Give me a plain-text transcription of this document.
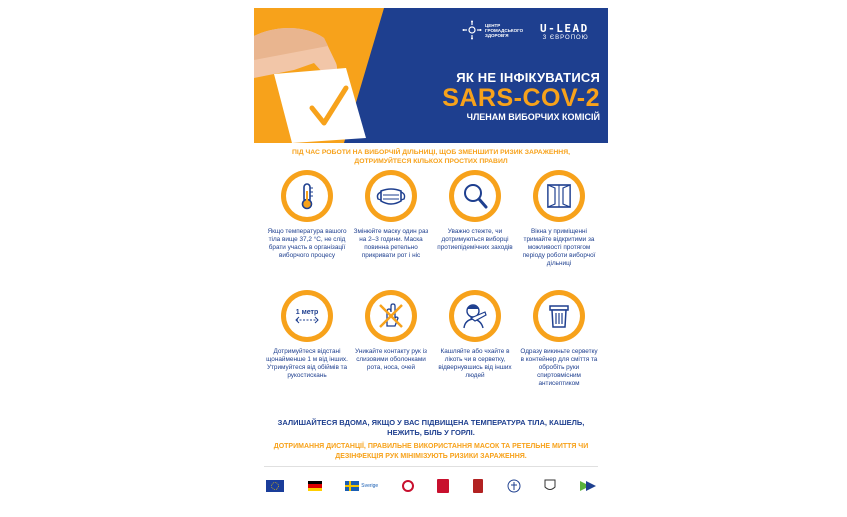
ЦЕНТР ГРОМАДСЬКОГО ЗДОРОВ'Я	U-LEAD
З ЄВРОПОЮ
ЯК НЕ ІНФІКУВАТИСЯ
SARS-COV-2
ЧЛЕНАМ ВИБОРЧИХ КОМІСІЙ
ПІД ЧАС РОБОТИ НА ВИБОРЧІЙ ДІЛЬНИЦІ, ЩОБ ЗМЕНШИТИ РИЗИК ЗАРАЖЕННЯ, ДОТРИМУЙТЕСЯ КІЛЬКОХ ПРОСТИХ ПРАВИЛ
Якщо температура вашого тіла вище 37,2 °С, не слід брати участь в організації виборчого процесу
Змінюйте маску один раз на 2–3 години. Маска повинна ретельно прикривати рот і ніс
Уважно стежте, чи дотримуються виборці протиепідемічних заходів
Вікна у приміщенні тримайте відкритими за можливості протягом періоду роботи виборчої дільниці
1 метр
Дотримуйтеся відстані щонайменше 1 м від інших. Утримуйтеся від обіймів та рукостискань
Уникайте контакту рук із слизовими оболонками рота, носа, очей
Кашляйте або чхайте в лікоть чи в серветку, відвернувшись від інших людей
Одразу викиньте серветку в контейнер для сміття та обробіть руки спиртовмісним антисептиком
ЗАЛИШАЙТЕСЯ ВДОМА, ЯКЩО У ВАС ПІДВИЩЕНА ТЕМПЕРАТУРА ТІЛА, КАШЕЛЬ, НЕЖИТЬ, БІЛЬ У ГОРЛІ.
ДОТРИМАННЯ ДИСТАНЦІЇ, ПРАВИЛЬНЕ ВИКОРИСТАННЯ МАСОК ТА РЕТЕЛЬНЕ МИТТЯ ЧИ ДЕЗІНФЕКЦІЯ РУК МІНІМІЗУЮТЬ РИЗИКИ ЗАРАЖЕННЯ.
Sverige
